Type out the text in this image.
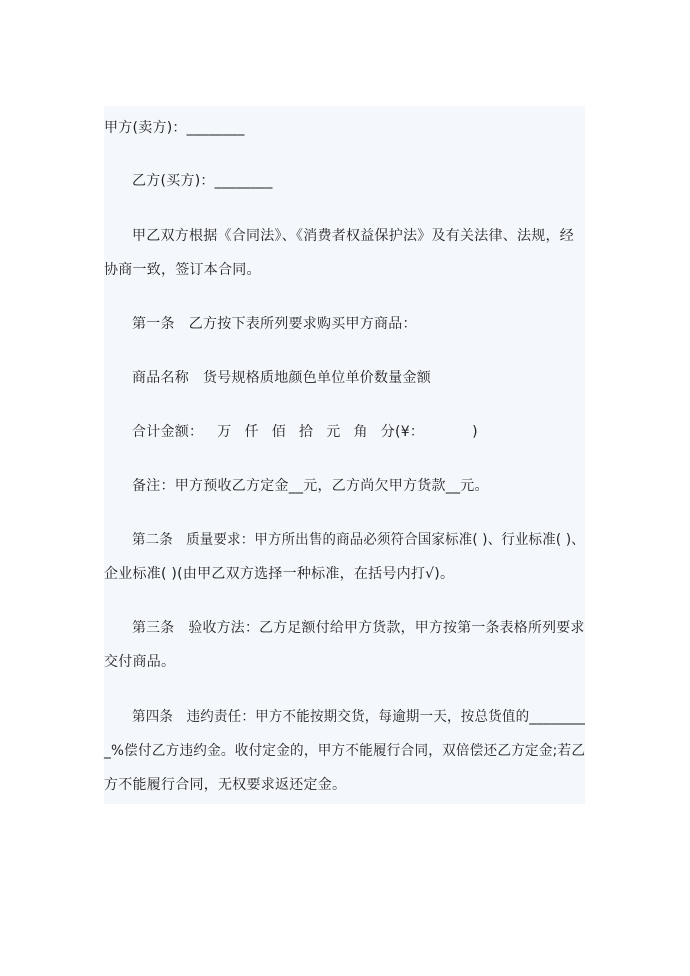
甲方(卖方)：________
乙方(买方)：________
甲乙双方根据《合同法》、《消费者权益保护法》及有关法律、法规，经
协商一致，签订本合同。
第一条 乙方按下表所列要求购买甲方商品：
商品名称 货号规格质地颜色单位单价数量金额
合计金额： 万 仟 佰 拾 元 角 分(¥：	)
备注：甲方预收乙方定金__元，乙方尚欠甲方货款__元。
第二条 质量要求：甲方所出售的商品必须符合国家标准( )、行业标准( )、
企业标准( )(由甲乙双方选择一种标准，在括号内打√)。
第三条 验收方法：乙方足额付给甲方货款，甲方按第一条表格所列要求
交付商品。
第四条 违约责任：甲方不能按期交货，每逾期一天，按总货值的________
_%偿付乙方违约金。收付定金的，甲方不能履行合同，双倍偿还乙方定金;若乙
方不能履行合同，无权要求返还定金。
